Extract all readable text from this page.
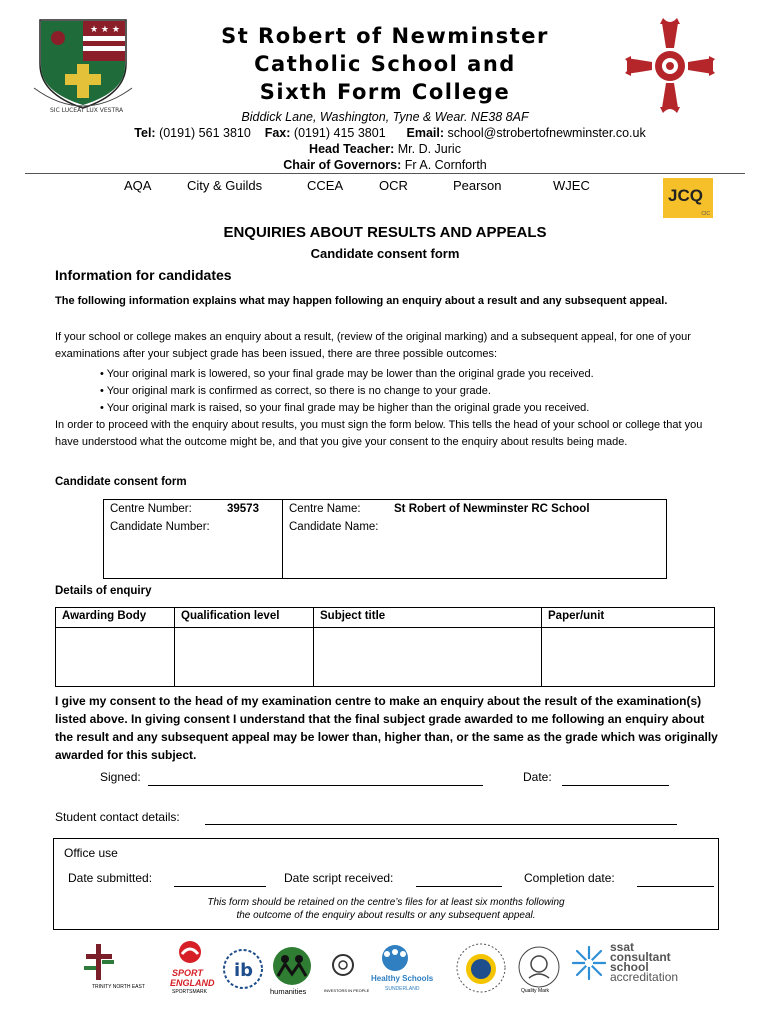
★ ★ ★
SIC LUCEAT LUX VESTRA
St Robert of Newminster
Catholic School and
Sixth Form College
Biddick Lane, Washington, Tyne & Wear. NE38 8AF
Tel: (0191) 561 3810 Fax: (0191) 415 3801 Email: school@strobertofnewminster.co.uk
Head Teacher: Mr. D. Juric
Chair of Governors: Fr A. Cornforth
AQA	City & Guilds	CCEA	OCR	Pearson	WJEC
JCQ
CIC
ENQUIRIES ABOUT RESULTS AND APPEALS
Candidate consent form
Information for candidates
The following information explains what may happen following an enquiry about a result and any subsequent appeal.
If your school or college makes an enquiry about a result, (review of the original marking) and a subsequent appeal, for one of your examinations after your subject grade has been issued, there are three possible outcomes:
• Your original mark is lowered, so your final grade may be lower than the original grade you received.
• Your original mark is confirmed as correct, so there is no change to your grade.
• Your original mark is raised, so your final grade may be higher than the original grade you received.
In order to proceed with the enquiry about results, you must sign the form below. This tells the head of your school or college that you have understood what the outcome might be, and that you give your consent to the enquiry about results being made.
Candidate consent form
Centre Number:	39573	Centre Name:	St Robert of Newminster RC School
Candidate Number:	Candidate Name:
Details of enquiry
Awarding Body	Qualification level	Subject title	Paper/unit

I give my consent to the head of my examination centre to make an enquiry about the result of the examination(s) listed above. In giving consent I understand that the final subject grade awarded to me following an enquiry about the result and any subsequent appeal may be lower than, higher than, or the same as the grade which was originally awarded for this subject.
Signed:	Date:
Student contact details:
Office use
Date submitted:	Date script received:	Completion date:
This form should be retained on the centre’s files for at least six months following
the outcome of the enquiry about results or any subsequent appeal.
TRINITY NORTH EAST
SPORT
ENGLAND
SPORTSMARK
ib
humanities	INVESTORS IN PEOPLE
Healthy Schools
SUNDERLAND	Quality Mark
ssat
consultant
school
accreditation
